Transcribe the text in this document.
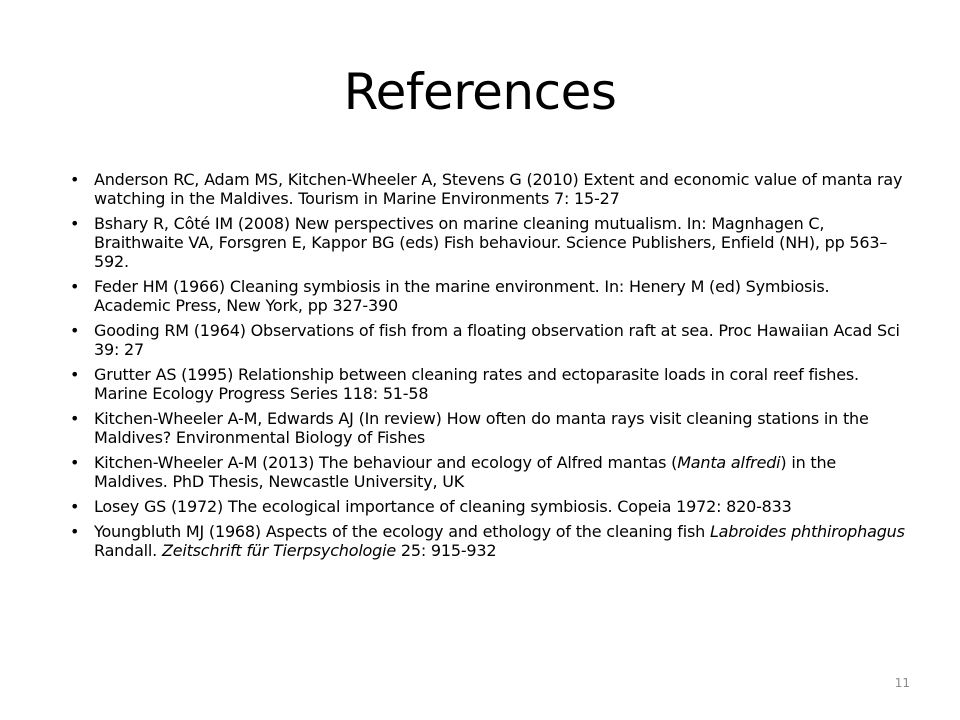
References
• Anderson RC, Adam MS, Kitchen-Wheeler A, Stevens G (2010) Extent and economic value of manta ray watching in the Maldives. Tourism in Marine Environments 7: 15-27
• Bshary R, Côté IM (2008) New perspectives on marine cleaning mutualism. In: Magnhagen C, Braithwaite VA, Forsgren E, Kappor BG (eds) Fish behaviour. Science Publishers, Enfield (NH), pp 563–592.
• Feder HM (1966) Cleaning symbiosis in the marine environment. In: Henery M (ed) Symbiosis. Academic Press, New York, pp 327-390
• Gooding RM (1964) Observations of fish from a floating observation raft at sea. Proc Hawaiian Acad Sci 39: 27
• Grutter AS (1995) Relationship between cleaning rates and ectoparasite loads in coral reef fishes. Marine Ecology Progress Series 118: 51-58
• Kitchen-Wheeler A-M, Edwards AJ (In review) How often do manta rays visit cleaning stations in the Maldives? Environmental Biology of Fishes
• Kitchen-Wheeler A-M (2013) The behaviour and ecology of Alfred mantas (Manta alfredi) in the Maldives. PhD Thesis, Newcastle University, UK
• Losey GS (1972) The ecological importance of cleaning symbiosis. Copeia 1972: 820-833
• Youngbluth MJ (1968) Aspects of the ecology and ethology of the cleaning fish Labroides phthirophagus Randall. Zeitschrift für Tierpsychologie 25: 915-932
11
